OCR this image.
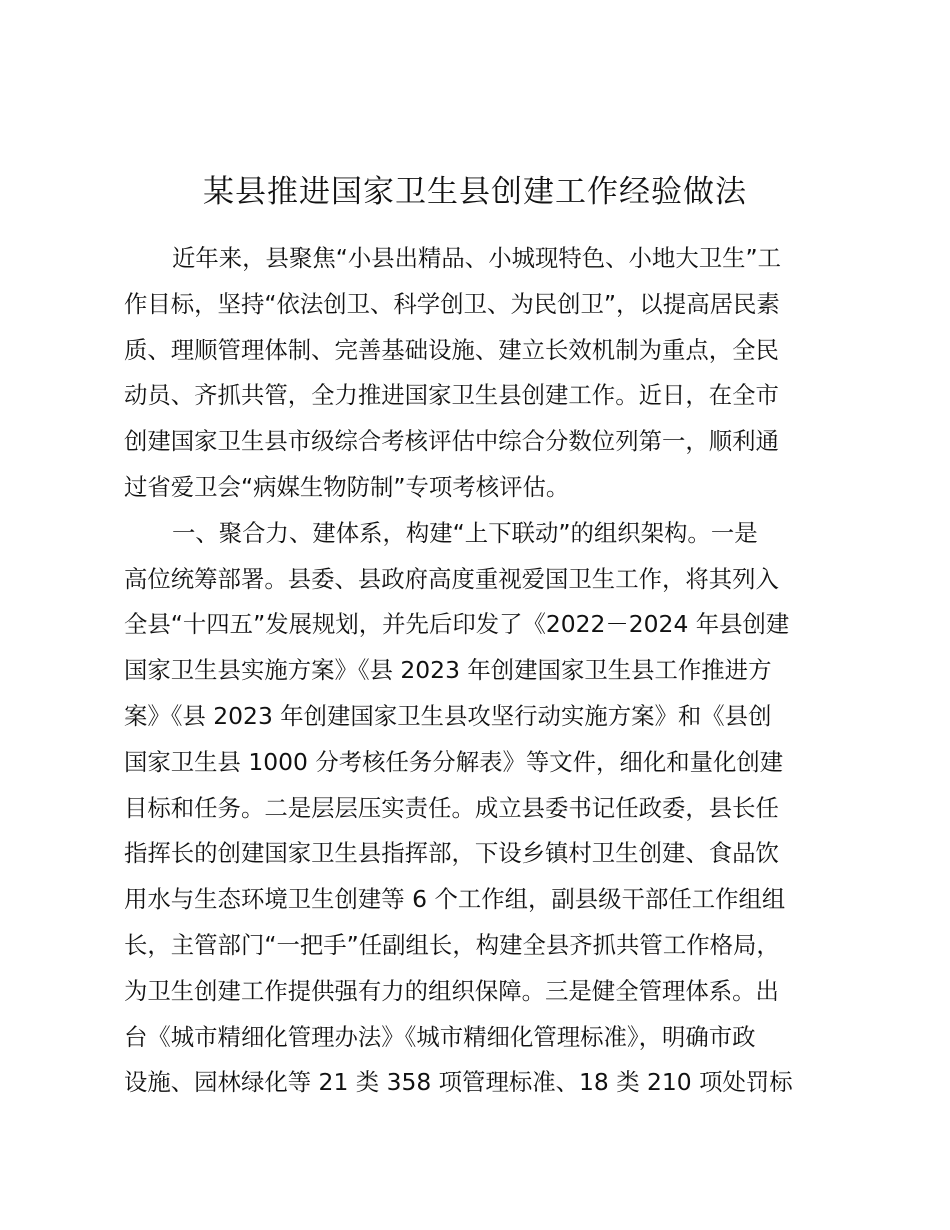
某县推进国家卫生县创建工作经验做法
近年来，县聚焦“小县出精品、小城现特色、小地大卫生”工
作目标，坚持“依法创卫、科学创卫、为民创卫”，以提高居民素
质、理顺管理体制、完善基础设施、建立长效机制为重点，全民
动员、齐抓共管，全力推进国家卫生县创建工作。近日，在全市
创建国家卫生县市级综合考核评估中综合分数位列第一，顺利通
过省爱卫会“病媒生物防制”专项考核评估。
一、聚合力、建体系，构建“上下联动”的组织架构。一是
高位统筹部署。县委、县政府高度重视爱国卫生工作，将其列入
全县“十四五”发展规划，并先后印发了《2022－2024 年县创建
国家卫生县实施方案》《县 2023 年创建国家卫生县工作推进方
案》《县 2023 年创建国家卫生县攻坚行动实施方案》和《县创
国家卫生县 1000 分考核任务分解表》等文件，细化和量化创建
目标和任务。二是层层压实责任。成立县委书记任政委，县长任
指挥长的创建国家卫生县指挥部，下设乡镇村卫生创建、食品饮
用水与生态环境卫生创建等 6 个工作组，副县级干部任工作组组
长，主管部门“一把手”任副组长，构建全县齐抓共管工作格局，
为卫生创建工作提供强有力的组织保障。三是健全管理体系。出
台《城市精细化管理办法》《城市精细化管理标准》，明确市政
设施、园林绿化等 21 类 358 项管理标准、18 类 210 项处罚标
